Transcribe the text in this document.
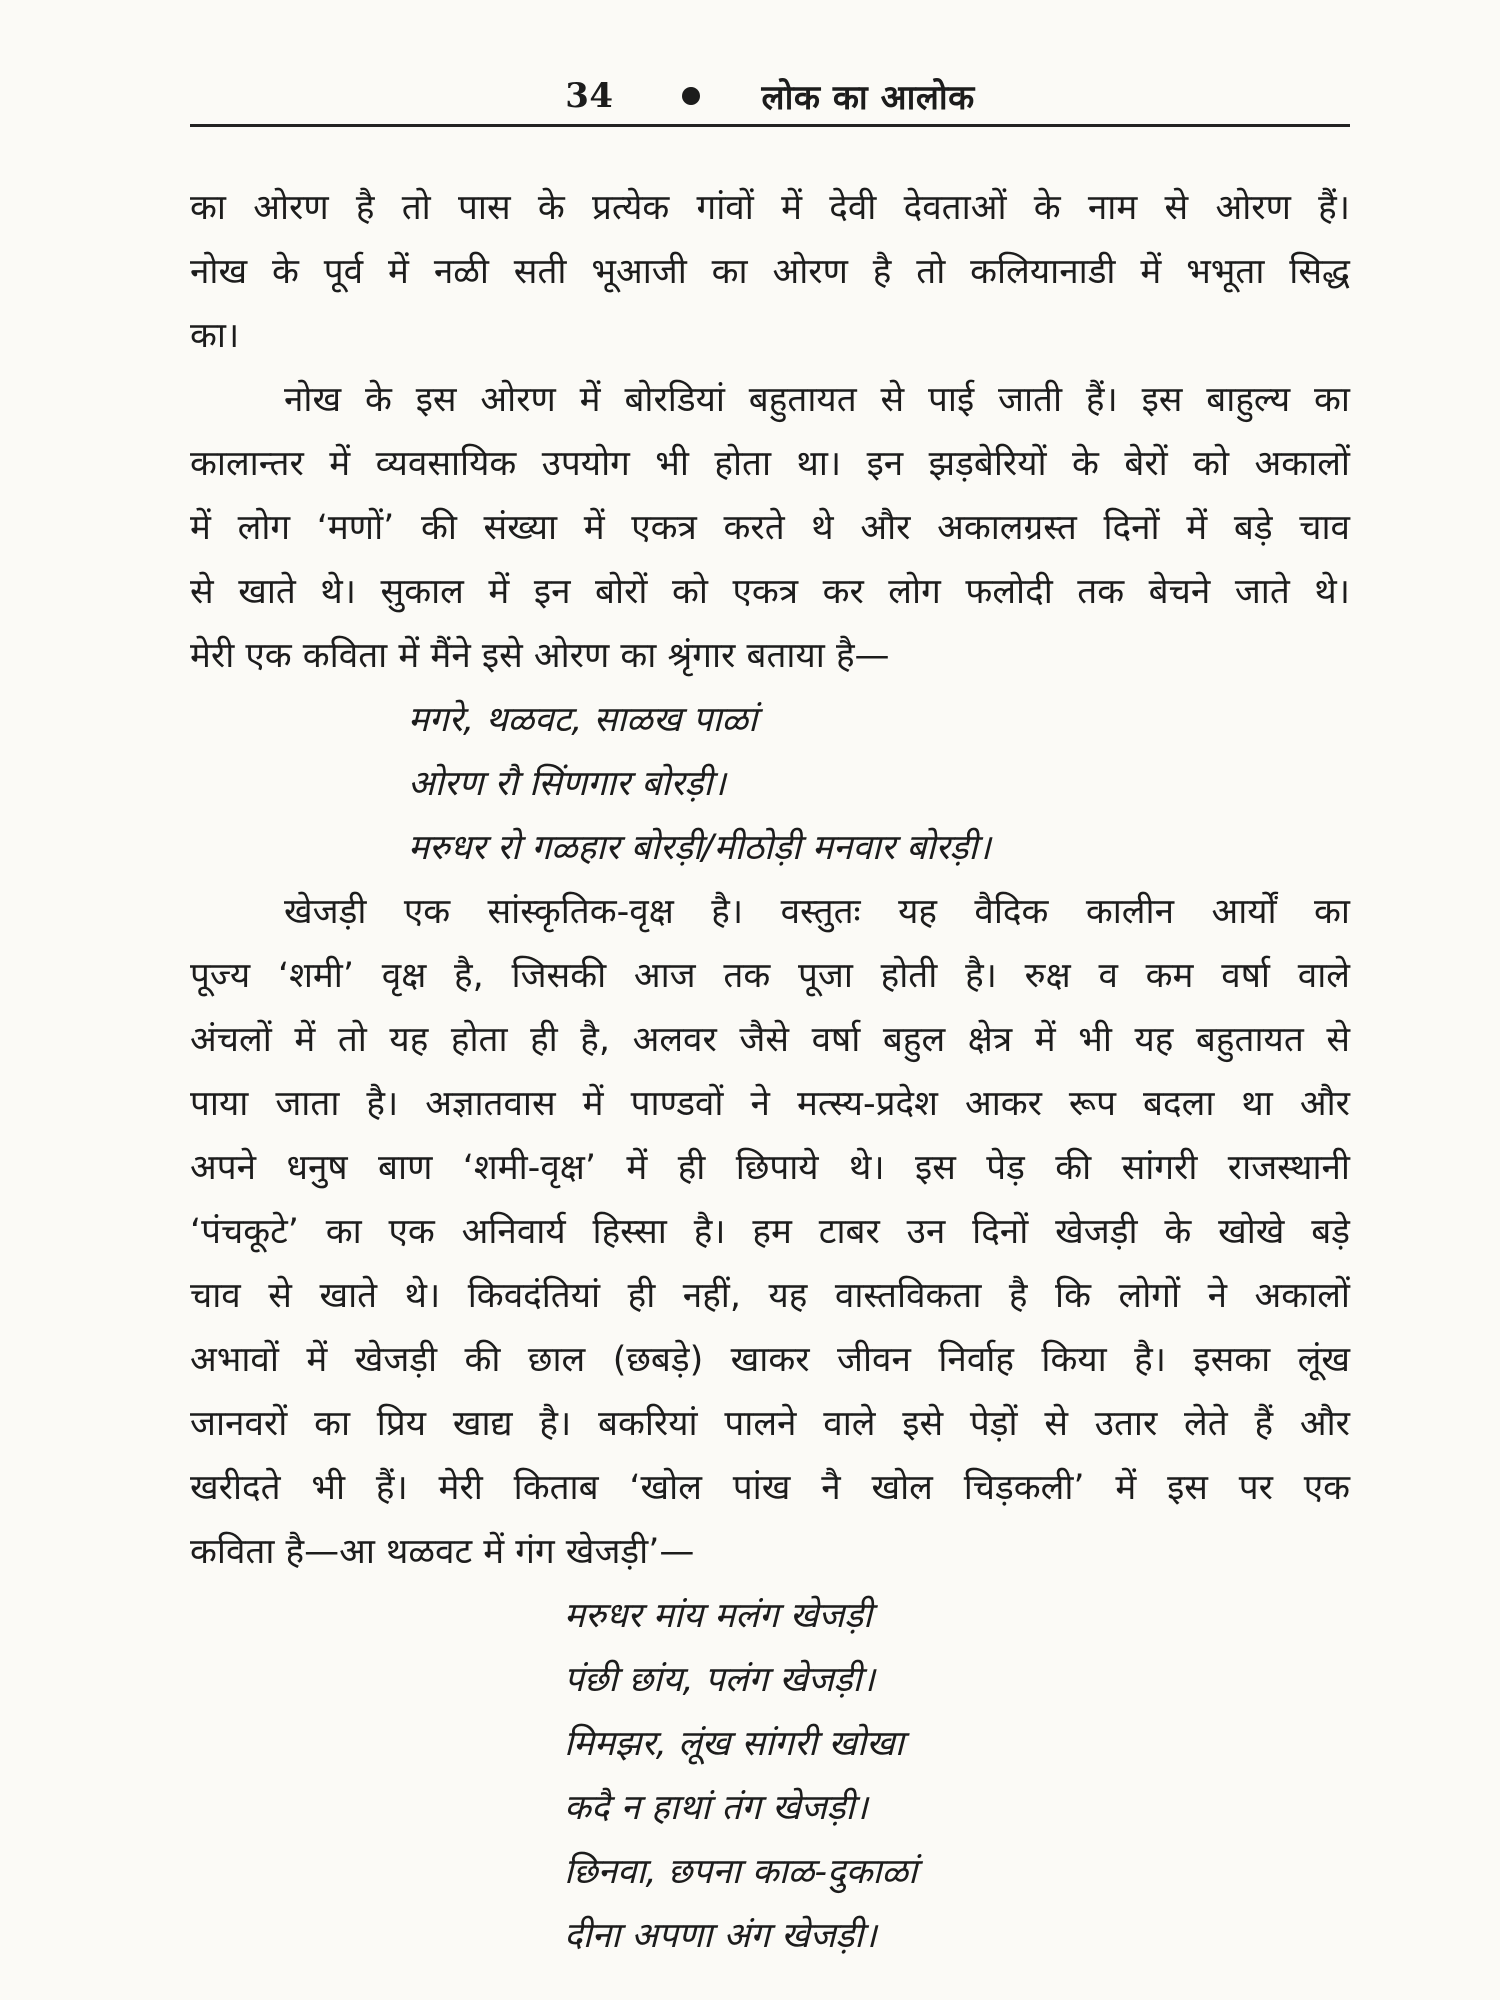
34	लोक का आलोक
का ओरण है तो पास के प्रत्येक गांवों में देवी देवताओं के नाम से ओरण हैं।
नोख के पूर्व में नळी सती भूआजी का ओरण है तो कलियानाडी में भभूता सिद्ध
का।
नोख के इस ओरण में बोरडियां बहुतायत से पाई जाती हैं। इस बाहुल्य का
कालान्तर में व्यवसायिक उपयोग भी होता था। इन झड़बेरियों के बेरों को अकालों
में लोग ‘मणों’ की संख्या में एकत्र करते थे और अकालग्रस्त दिनों में बड़े चाव
से खाते थे। सुकाल में इन बोरों को एकत्र कर लोग फलोदी तक बेचने जाते थे।
मेरी एक कविता में मैंने इसे ओरण का श्रृंगार बताया है—
मगरे, थळवट, साळख पाळां
ओरण रौ सिंणगार बोरड़ी।
मरुधर रो गळहार बोरड़ी/मीठोड़ी मनवार बोरड़ी।
खेजड़ी एक सांस्कृतिक-वृक्ष है। वस्तुतः यह वैदिक कालीन आर्यों का
पूज्य ‘शमी’ वृक्ष है, जिसकी आज तक पूजा होती है। रुक्ष व कम वर्षा वाले
अंचलों में तो यह होता ही है, अलवर जैसे वर्षा बहुल क्षेत्र में भी यह बहुतायत से
पाया जाता है। अज्ञातवास में पाण्डवों ने मत्स्य-प्रदेश आकर रूप बदला था और
अपने धनुष बाण ‘शमी-वृक्ष’ में ही छिपाये थे। इस पेड़ की सांगरी राजस्थानी
‘पंचकूटे’ का एक अनिवार्य हिस्सा है। हम टाबर उन दिनों खेजड़ी के खोखे बड़े
चाव से खाते थे। किवदंतियां ही नहीं, यह वास्तविकता है कि लोगों ने अकालों
अभावों में खेजड़ी की छाल (छबड़े) खाकर जीवन निर्वाह किया है। इसका लूंख
जानवरों का प्रिय खाद्य है। बकरियां पालने वाले इसे पेड़ों से उतार लेते हैं और
खरीदते भी हैं। मेरी किताब ‘खोल पांख नै खोल चिड़कली’ में इस पर एक
कविता है—आ थळवट में गंग खेजड़ी’—
मरुधर मांय मलंग खेजड़ी
पंछी छांय, पलंग खेजड़ी।
मिमझर, लूंख सांगरी खोखा
कदै न हाथां तंग खेजड़ी।
छिनवा, छपना काळ-दुकाळां
दीना अपणा अंग खेजड़ी।
